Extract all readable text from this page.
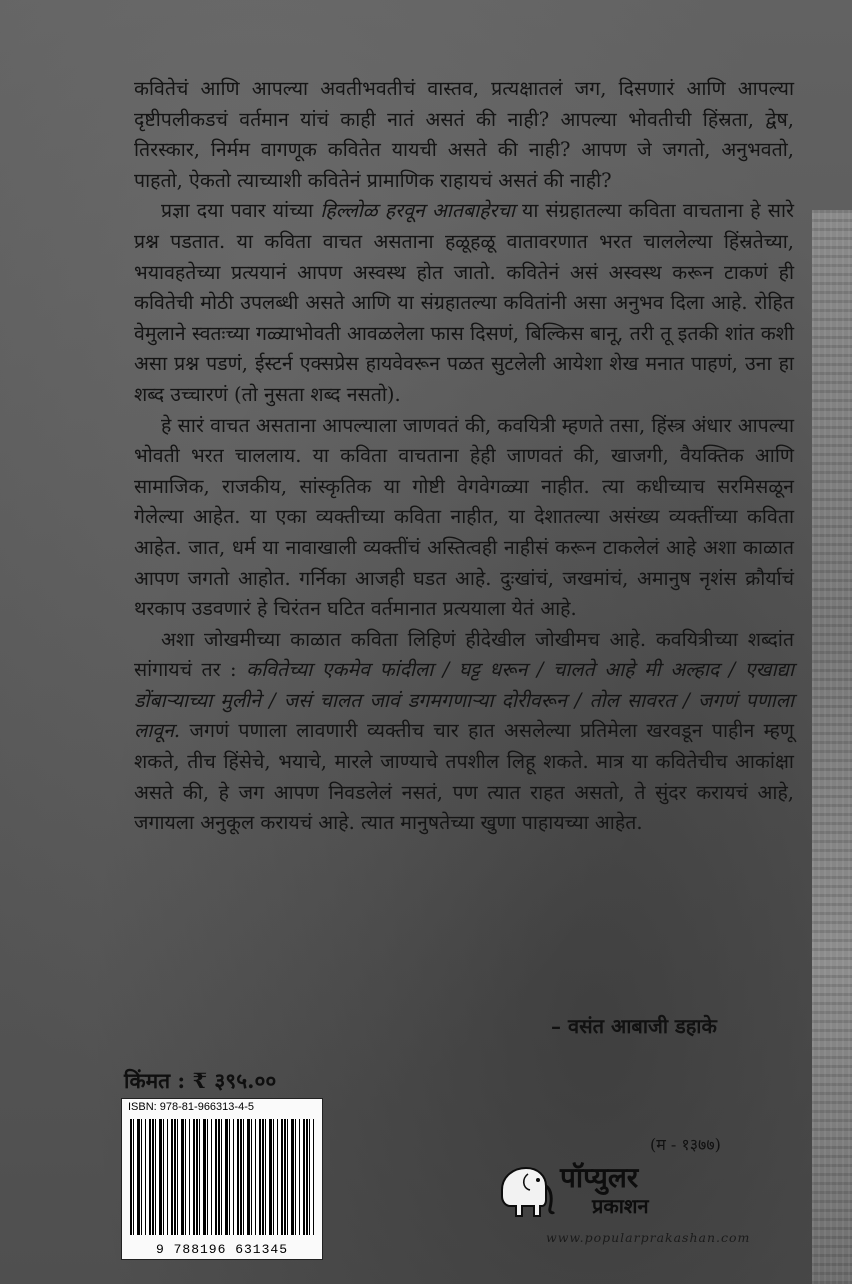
कवितेचं आणि आपल्या अवतीभवतीचं वास्तव, प्रत्यक्षातलं जग, दिसणारं आणि आपल्या दृष्टीपलीकडचं वर्तमान यांचं काही नातं असतं की नाही? आपल्या भोवतीची हिंस्रता, द्वेष, तिरस्कार, निर्मम वागणूक कवितेत यायची असते की नाही? आपण जे जगतो, अनुभवतो, पाहतो, ऐकतो त्याच्याशी कवितेनं प्रामाणिक राहायचं असतं की नाही?

प्रज्ञा दया पवार यांच्या हिल्लोळ हरवून आतबाहेरचा या संग्रहातल्या कविता वाचताना हे सारे प्रश्न पडतात. या कविता वाचत असताना हळूहळू वातावरणात भरत चाललेल्या हिंस्रतेच्या, भयावहतेच्या प्रत्ययानं आपण अस्वस्थ होत जातो. कवितेनं असं अस्वस्थ करून टाकणं ही कवितेची मोठी उपलब्धी असते आणि या संग्रहातल्या कवितांनी असा अनुभव दिला आहे. रोहित वेमुलाने स्वतःच्या गळ्याभोवती आवळलेला फास दिसणं, बिल्किस बानू, तरी तू इतकी शांत कशी असा प्रश्न पडणं, ईस्टर्न एक्सप्रेस हायवेवरून पळत सुटलेली आयेशा शेख मनात पाहणं, उना हा शब्द उच्चारणं (तो नुसता शब्द नसतो).

हे सारं वाचत असताना आपल्याला जाणवतं की, कवयित्री म्हणते तसा, हिंस्त्र अंधार आपल्या भोवती भरत चाललाय. या कविता वाचताना हेही जाणवतं की, खाजगी, वैयक्तिक आणि सामाजिक, राजकीय, सांस्कृतिक या गोष्टी वेगवेगळ्या नाहीत. त्या कधीच्याच सरमिसळून गेलेल्या आहेत. या एका व्यक्तीच्या कविता नाहीत, या देशातल्या असंख्य व्यक्तींच्या कविता आहेत. जात, धर्म या नावाखाली व्यक्तींचं अस्तित्वही नाहीसं करून टाकलेलं आहे अशा काळात आपण जगतो आहोत. गर्निका आजही घडत आहे. दुःखांचं, जखमांचं, अमानुष नृशंस क्रौर्याचं थरकाप उडवणारं हे चिरंतन घटित वर्तमानात प्रत्ययाला येतं आहे.

अशा जोखमीच्या काळात कविता लिहिणं हीदेखील जोखीमच आहे. कवयित्रीच्या शब्दांत सांगायचं तर : कवितेच्या एकमेव फांदीला / घट्ट धरून / चालते आहे मी अल्हाद / एखाद्या डोंबाऱ्याच्या मुलीने / जसं चालत जावं डगमगणाऱ्या दोरीवरून / तोल सावरत / जगणं पणाला लावून. जगणं पणाला लावणारी व्यक्तीच चार हात असलेल्या प्रतिमेला खरवडून पाहीन म्हणू शकते, तीच हिंसेचे, भयाचे, मारले जाण्याचे तपशील लिहू शकते. मात्र या कवितेचीच आकांक्षा असते की, हे जग आपण निवडलेलं नसतं, पण त्यात राहत असतो, ते सुंदर करायचं आहे, जगायला अनुकूल करायचं आहे. त्यात मानुषतेच्या खुणा पाहायच्या आहेत.

– वसंत आबाजी डहाके
किंमत : ₹ ३९५.००
ISBN: 978-81-966313-4-5
9 788196 631345
(म - १३७७)
पॉप्युलर
प्रकाशन
www.popularprakashan.com
